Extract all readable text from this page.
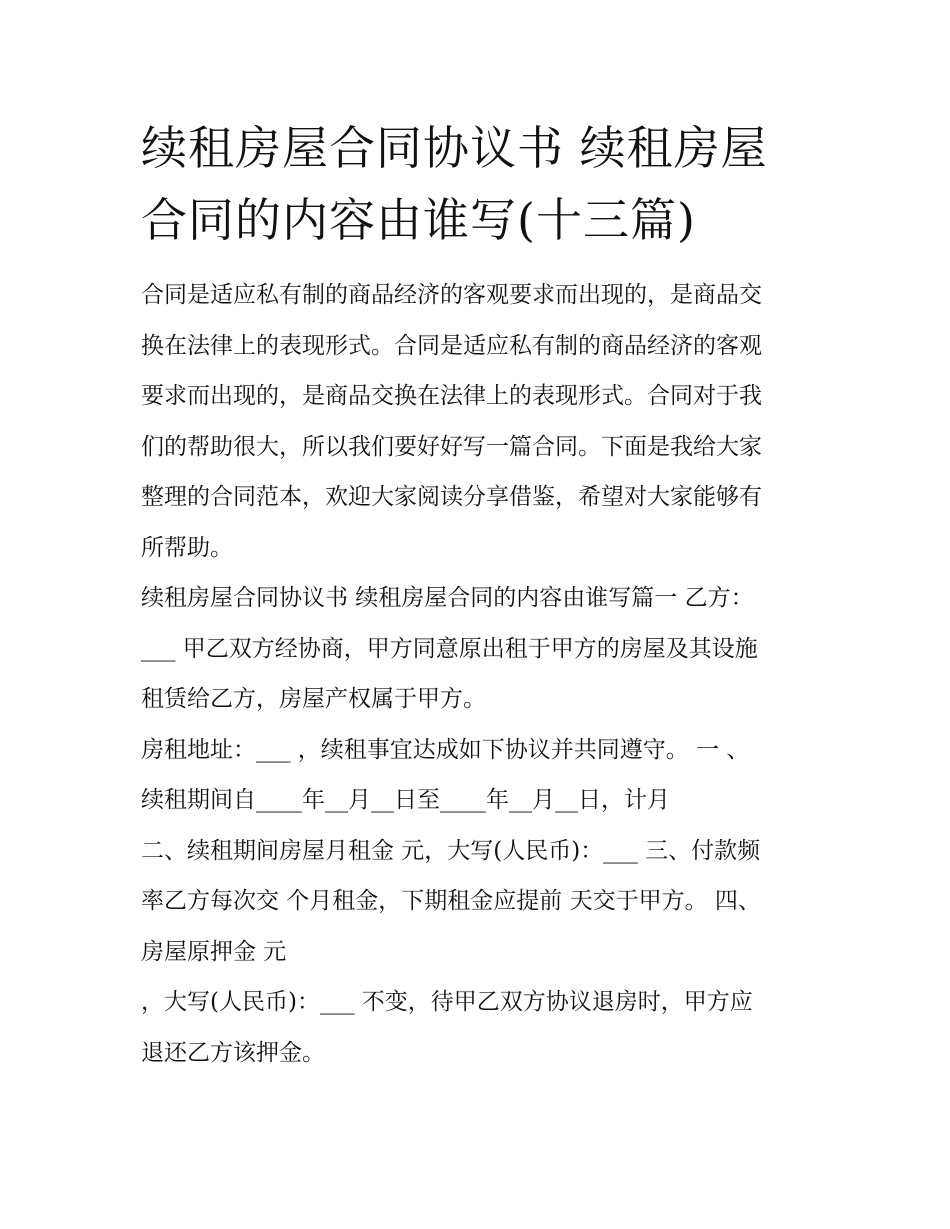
续租房屋合同协议书 续租房屋
合同的内容由谁写(十三篇)
合同是适应私有制的商品经济的客观要求而出现的，是商品交
换在法律上的表现形式。合同是适应私有制的商品经济的客观
要求而出现的，是商品交换在法律上的表现形式。合同对于我
们的帮助很大，所以我们要好好写一篇合同。下面是我给大家
整理的合同范本，欢迎大家阅读分享借鉴，希望对大家能够有
所帮助。
续租房屋合同协议书 续租房屋合同的内容由谁写篇一 乙方：
___ 甲乙双方经协商，甲方同意原出租于甲方的房屋及其设施
租赁给乙方，房屋产权属于甲方。
房租地址：___ ，续租事宜达成如下协议并共同遵守。 一 、
续租期间自____年__月__日至____年__月__日，计月
二、续租期间房屋月租金 元，大写(人民币)：___ 三、付款频
率乙方每次交 个月租金，下期租金应提前 天交于甲方。 四、
房屋原押金 元
，大写(人民币)：___ 不变，待甲乙双方协议退房时，甲方应
退还乙方该押金。
